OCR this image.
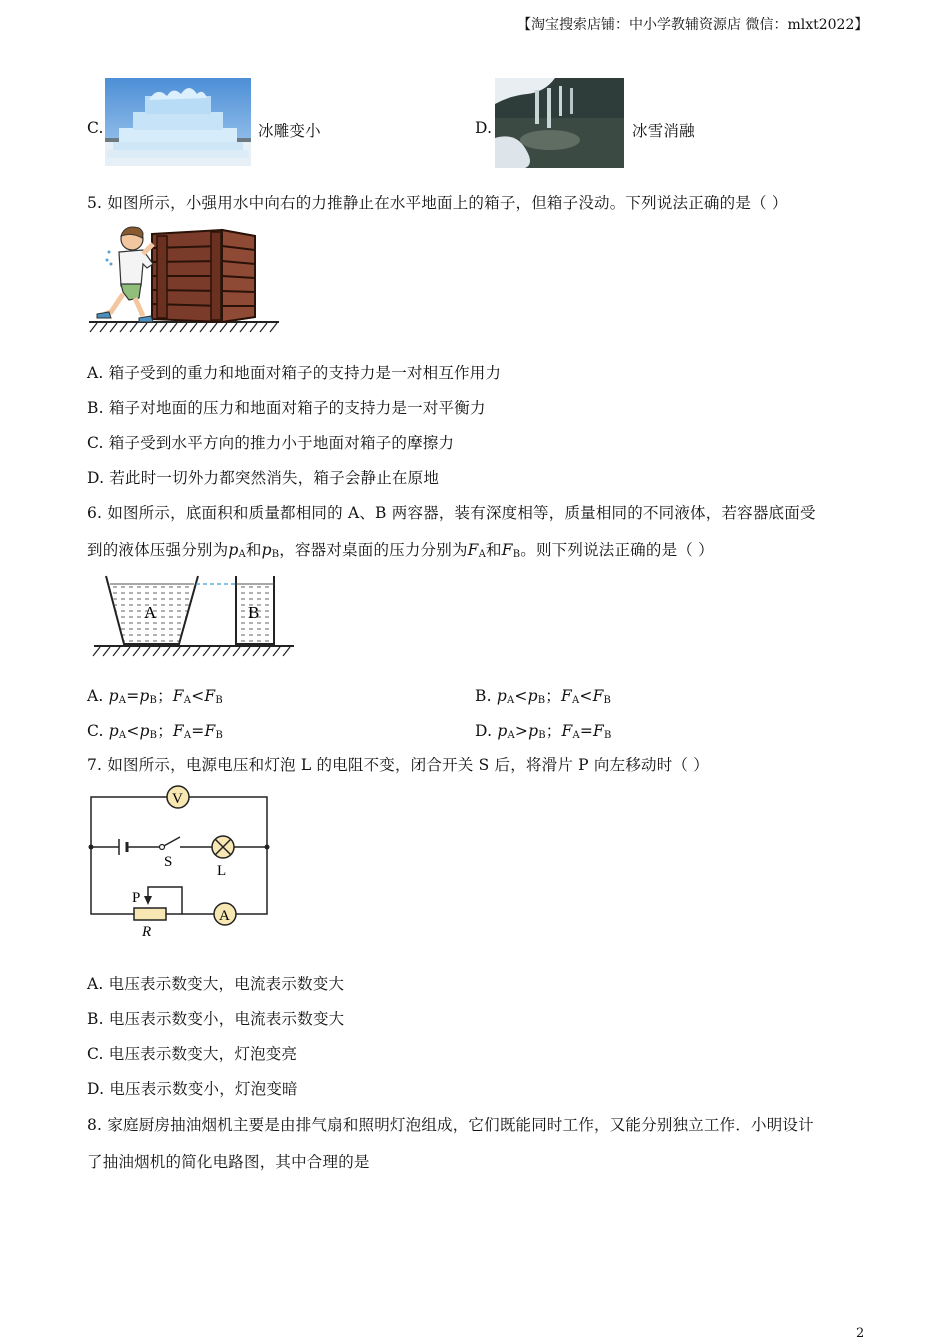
【淘宝搜索店铺：中小学教辅资源店 微信：mlxt2022】
C.	冰雕变小	D.	冰雪消融
5. 如图所示，小强用水中向右的力推静止在水平地面上的箱子，但箱子没动。下列说法正确的是（ ）
A. 箱子受到的重力和地面对箱子的支持力是一对相互作用力
B. 箱子对地面的压力和地面对箱子的支持力是一对平衡力
C. 箱子受到水平方向的推力小于地面对箱子的摩擦力
D. 若此时一切外力都突然消失，箱子会静止在原地
6. 如图所示，底面积和质量都相同的 A、B 两容器，装有深度相等，质量相同的不同液体，若容器底面受
到的液体压强分别为$p_A$和$p_B$，容器对桌面的压力分别为$F_A$和$F_B$。则下列说法正确的是（ ）
A	B
A. $p_A=p_B$；$F_A<F_B$	B. $p_A<p_B$；$F_A<F_B$
C. $p_A<p_B$；$F_A=F_B$	D. $p_A>p_B$；$F_A=F_B$
7. 如图所示，电源电压和灯泡 L 的电阻不变，闭合开关 S 后，将滑片 P 向左移动时（ ）
V
A
S
L
P
R
A. 电压表示数变大，电流表示数变大
B. 电压表示数变小，电流表示数变大
C. 电压表示数变大，灯泡变亮
D. 电压表示数变小，灯泡变暗
8. 家庭厨房抽油烟机主要是由排气扇和照明灯泡组成，它们既能同时工作，又能分别独立工作．小明设计
了抽油烟机的简化电路图，其中合理的是
2
